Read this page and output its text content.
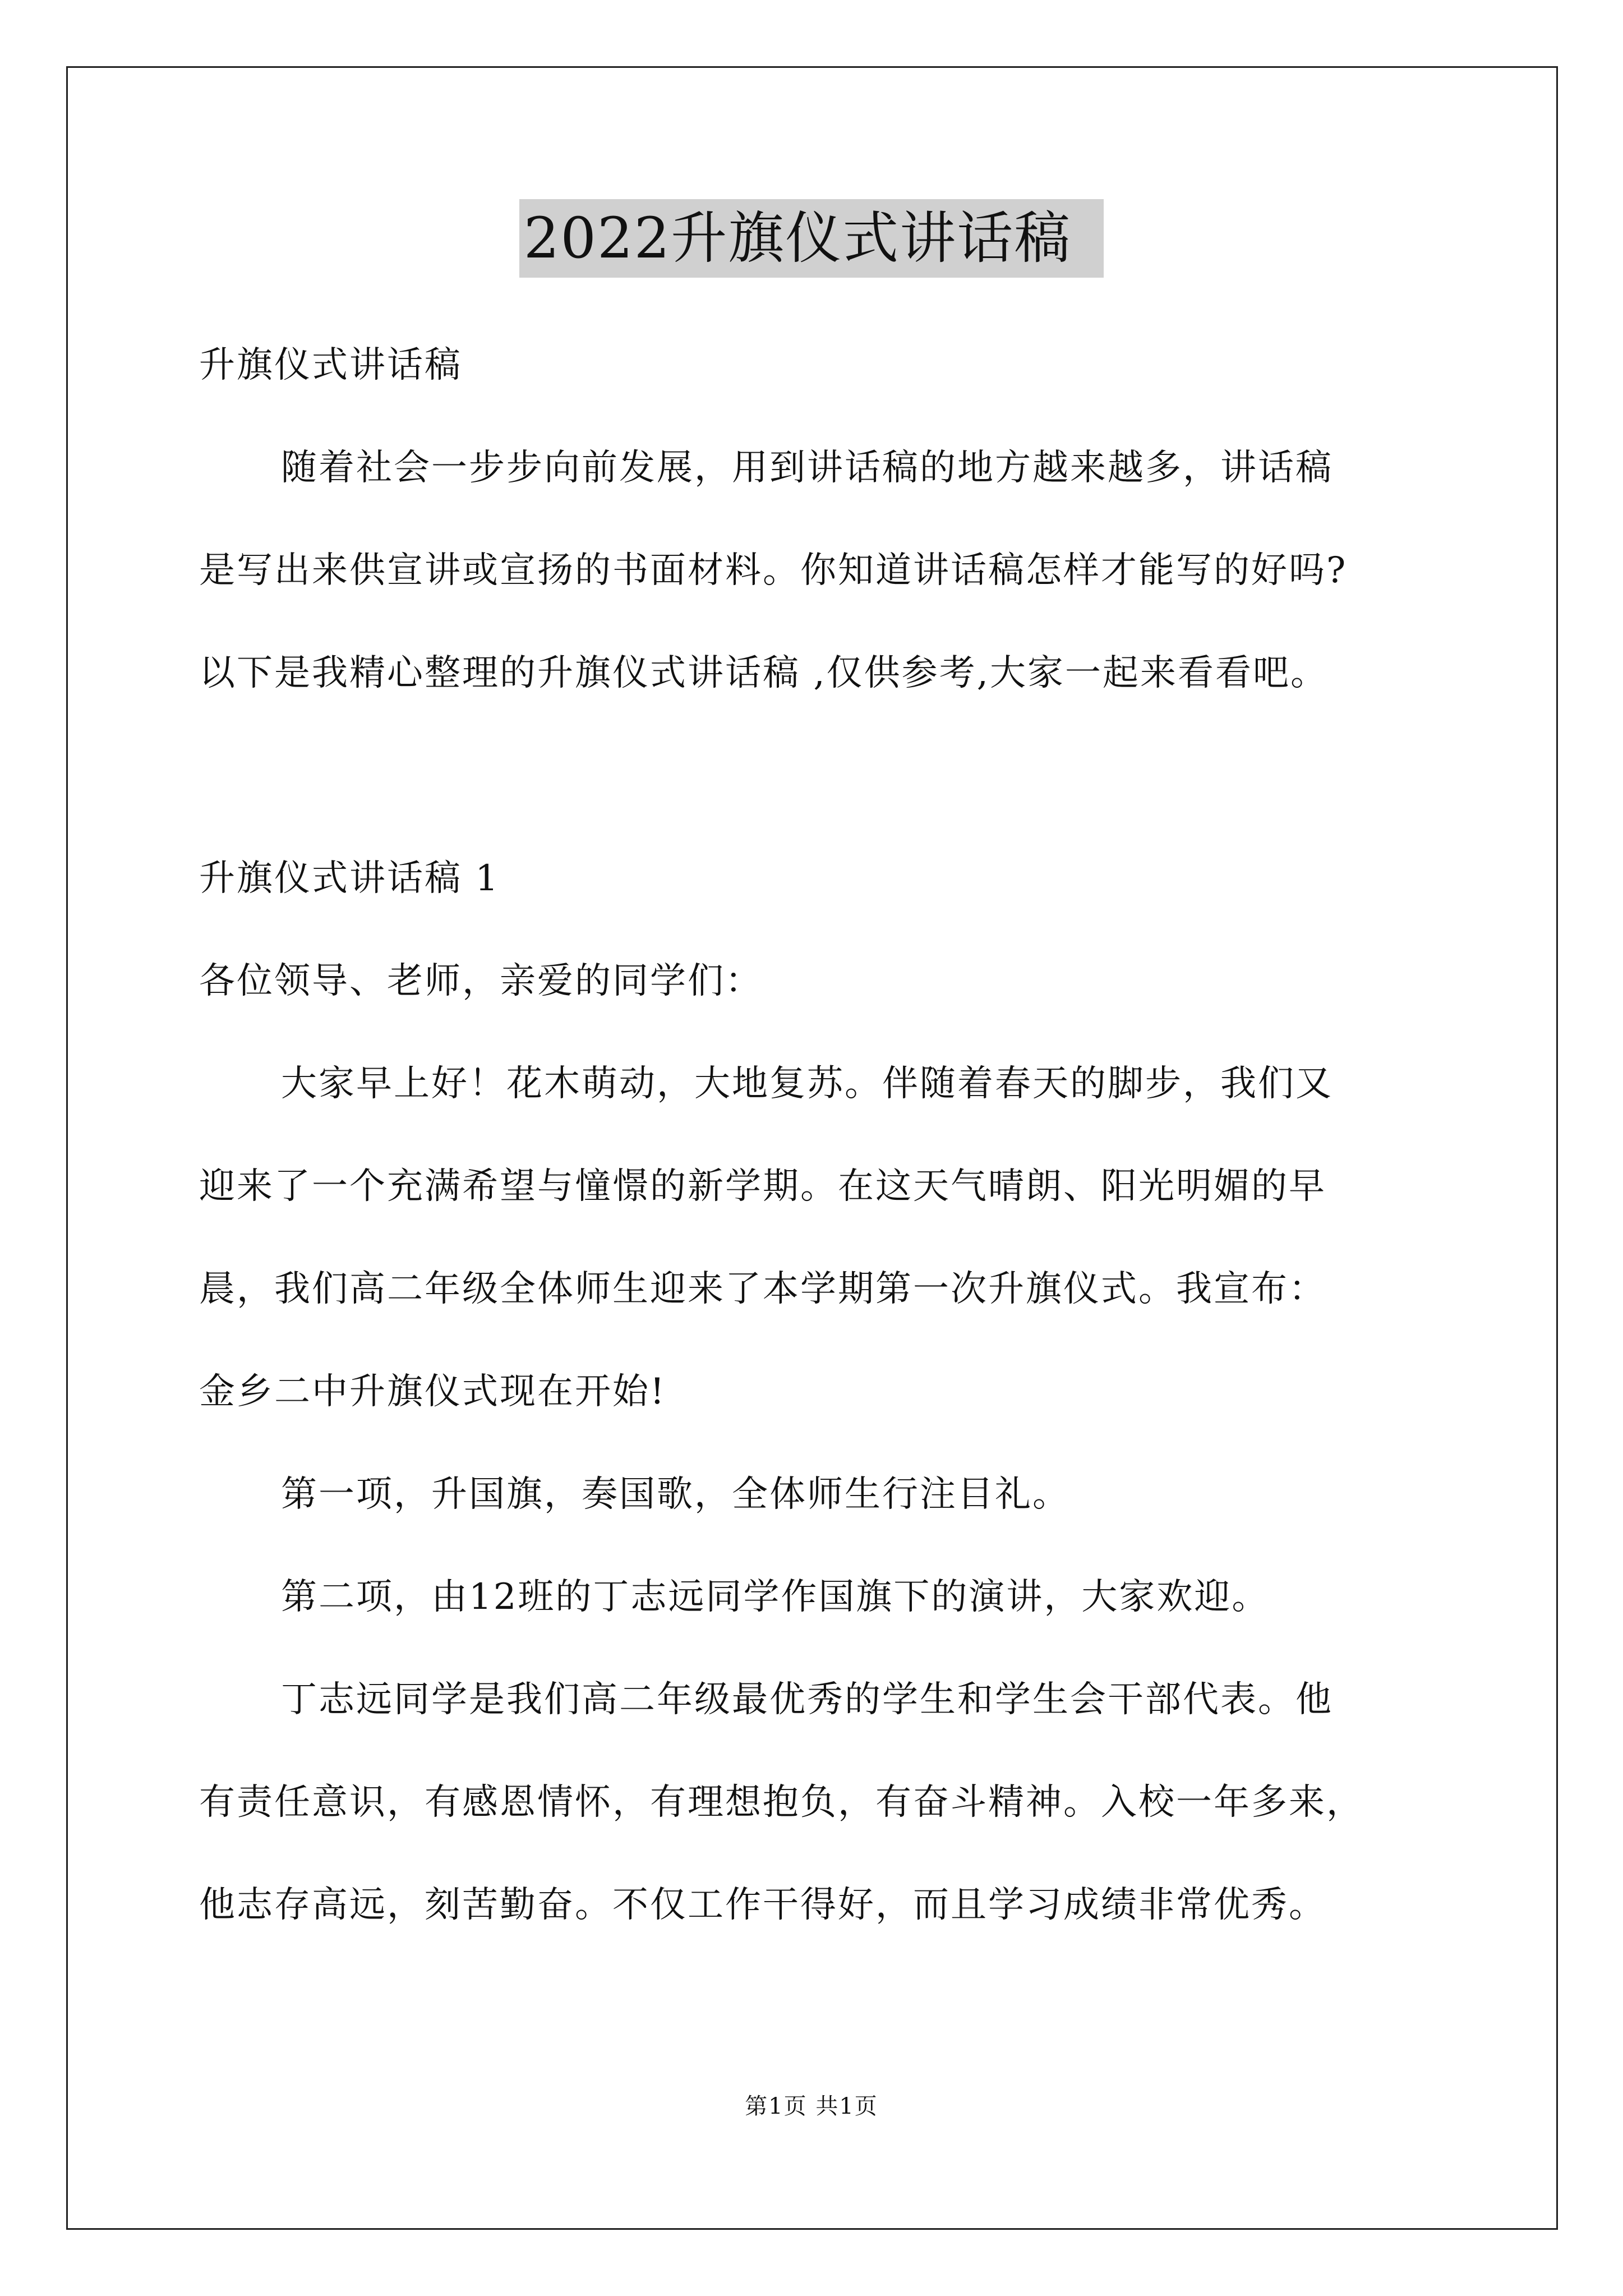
2022升旗仪式讲话稿
升旗仪式讲话稿
随着社会一步步向前发展，用到讲话稿的地方越来越多，讲话稿
是写出来供宣讲或宣扬的书面材料。你知道讲话稿怎样才能写的好吗?
以下是我精心整理的升旗仪式讲话稿 ,仅供参考,大家一起来看看吧。
升旗仪式讲话稿 1
各位领导、老师，亲爱的同学们：
大家早上好！花木萌动，大地复苏。伴随着春天的脚步，我们又
迎来了一个充满希望与憧憬的新学期。在这天气晴朗、阳光明媚的早
晨，我们高二年级全体师生迎来了本学期第一次升旗仪式。我宣布：
金乡二中升旗仪式现在开始!
第一项，升国旗，奏国歌，全体师生行注目礼。
第二项，由12班的丁志远同学作国旗下的演讲，大家欢迎。
丁志远同学是我们高二年级最优秀的学生和学生会干部代表。他
有责任意识，有感恩情怀，有理想抱负，有奋斗精神。入校一年多来，
他志存高远，刻苦勤奋。不仅工作干得好，而且学习成绩非常优秀。
第1页 共1页
